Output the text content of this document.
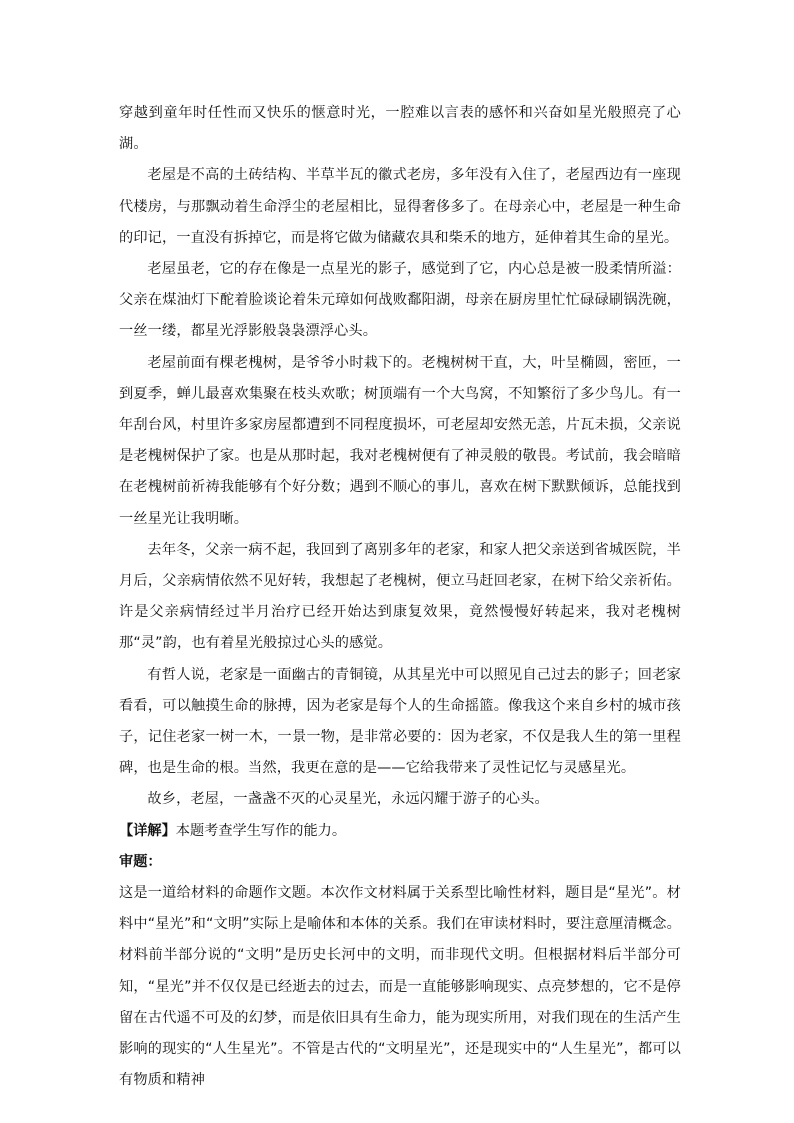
穿越到童年时任性而又快乐的惬意时光，一腔难以言表的感怀和兴奋如星光般照亮了心湖。

老屋是不高的土砖结构、半草半瓦的徽式老房，多年没有入住了，老屋西边有一座现代楼房，与那飘动着生命浮尘的老屋相比，显得奢侈多了。在母亲心中，老屋是一种生命的印记，一直没有拆掉它，而是将它做为储藏农具和柴禾的地方，延伸着其生命的星光。

老屋虽老，它的存在像是一点星光的影子，感觉到了它，内心总是被一股柔情所溢：父亲在煤油灯下酡着脸谈论着朱元璋如何战败鄱阳湖，母亲在厨房里忙忙碌碌刷锅洗碗，一丝一缕，都星光浮影般袅袅漂浮心头。

老屋前面有棵老槐树，是爷爷小时栽下的。老槐树树干直，大，叶呈椭圆，密匝，一到夏季，蝉儿最喜欢集聚在枝头欢歌；树顶端有一个大鸟窝，不知繁衍了多少鸟儿。有一年刮台风，村里许多家房屋都遭到不同程度损坏，可老屋却安然无恙，片瓦未损，父亲说是老槐树保护了家。也是从那时起，我对老槐树便有了神灵般的敬畏。考试前，我会暗暗在老槐树前祈祷我能够有个好分数；遇到不顺心的事儿，喜欢在树下默默倾诉，总能找到一丝星光让我明晰。

去年冬，父亲一病不起，我回到了离别多年的老家，和家人把父亲送到省城医院，半月后，父亲病情依然不见好转，我想起了老槐树，便立马赶回老家，在树下给父亲祈佑。许是父亲病情经过半月治疗已经开始达到康复效果，竟然慢慢好转起来，我对老槐树那“灵”韵，也有着星光般掠过心头的感觉。

有哲人说，老家是一面幽古的青铜镜，从其星光中可以照见自己过去的影子；回老家看看，可以触摸生命的脉搏，因为老家是每个人的生命摇篮。像我这个来自乡村的城市孩子，记住老家一树一木，一景一物，是非常必要的：因为老家，不仅是我人生的第一里程碑，也是生命的根。当然，我更在意的是——它给我带来了灵性记忆与灵感星光。

故乡，老屋，一盏盏不灭的心灵星光，永远闪耀于游子的心头。

【详解】本题考查学生写作的能力。

审题：

这是一道给材料的命题作文题。本次作文材料属于关系型比喻性材料，题目是“星光”。材料中“星光”和“文明”实际上是喻体和本体的关系。我们在审读材料时，要注意厘清概念。材料前半部分说的“文明”是历史长河中的文明，而非现代文明。但根据材料后半部分可知，“星光”并不仅仅是已经逝去的过去，而是一直能够影响现实、点亮梦想的，它不是停留在古代遥不可及的幻梦，而是依旧具有生命力，能为现实所用，对我们现在的生活产生影响的现实的“人生星光”。不管是古代的“文明星光”，还是现实中的“人生星光”，都可以有物质和精神
